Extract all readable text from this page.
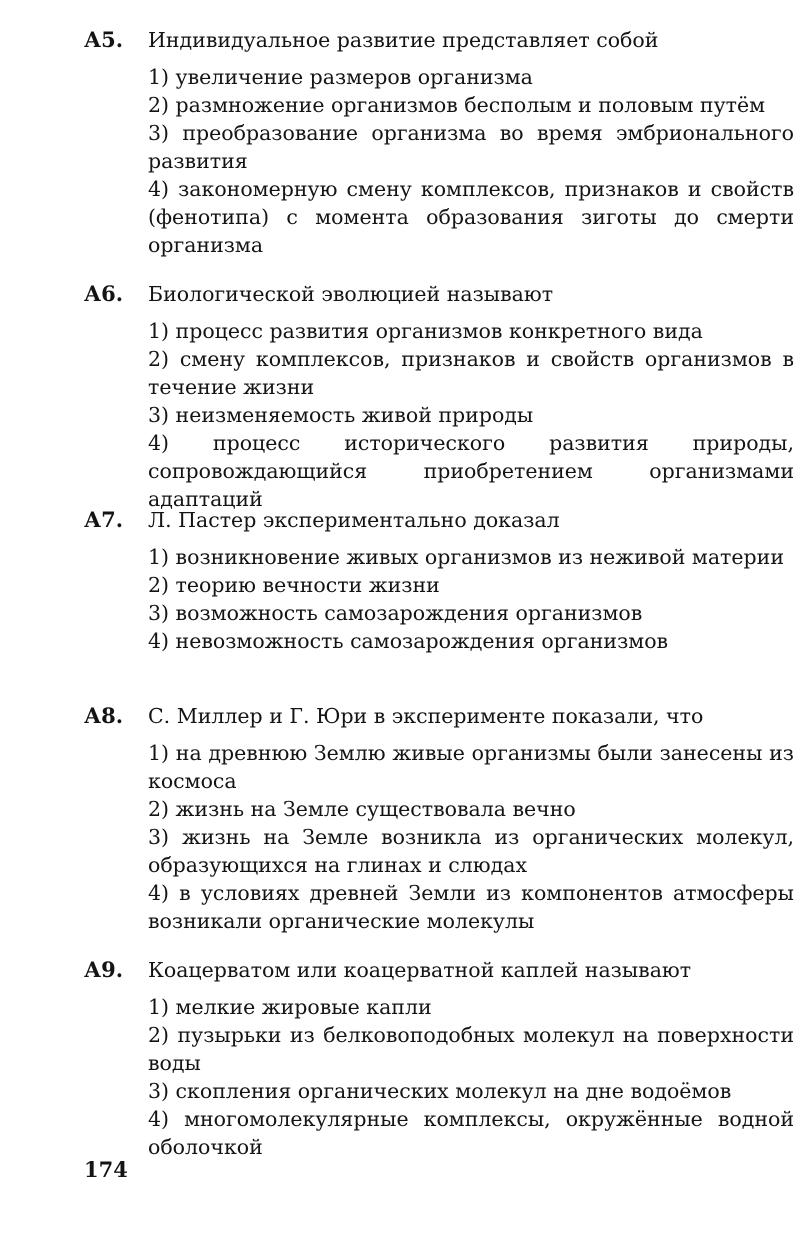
А5. Индивидуальное развитие представляет собой

1) увеличение размеров организма

2) размножение организмов бесполым и половым путём

3) преобразование организма во время эмбрионального развития

4) закономерную смену комплексов, признаков и свойств (фенотипа) с момента образования зиготы до смерти организма

А6. Биологической эволюцией называют

1) процесс развития организмов конкретного вида

2) смену комплексов, признаков и свойств организмов в течение жизни

3) неизменяемость живой природы

4) процесс исторического развития природы, сопровождающийся приобретением организмами адаптаций

А7. Л. Пастер экспериментально доказал

1) возникновение живых организмов из неживой материи

2) теорию вечности жизни

3) возможность самозарождения организмов

4) невозможность самозарождения организмов

А8. С. Миллер и Г. Юри в эксперименте показали, что

1) на древнюю Землю живые организмы были занесены из космоса

2) жизнь на Земле существовала вечно

3) жизнь на Земле возникла из органических молекул, образующихся на глинах и слюдах

4) в условиях древней Земли из компонентов атмосферы возникали органические молекулы

А9. Коацерватом или коацерватной каплей называют

1) мелкие жировые капли

2) пузырьки из белковоподобных молекул на поверхности воды

3) скопления органических молекул на дне водоёмов

4) многомолекулярные комплексы, окружённые водной оболочкой

174
